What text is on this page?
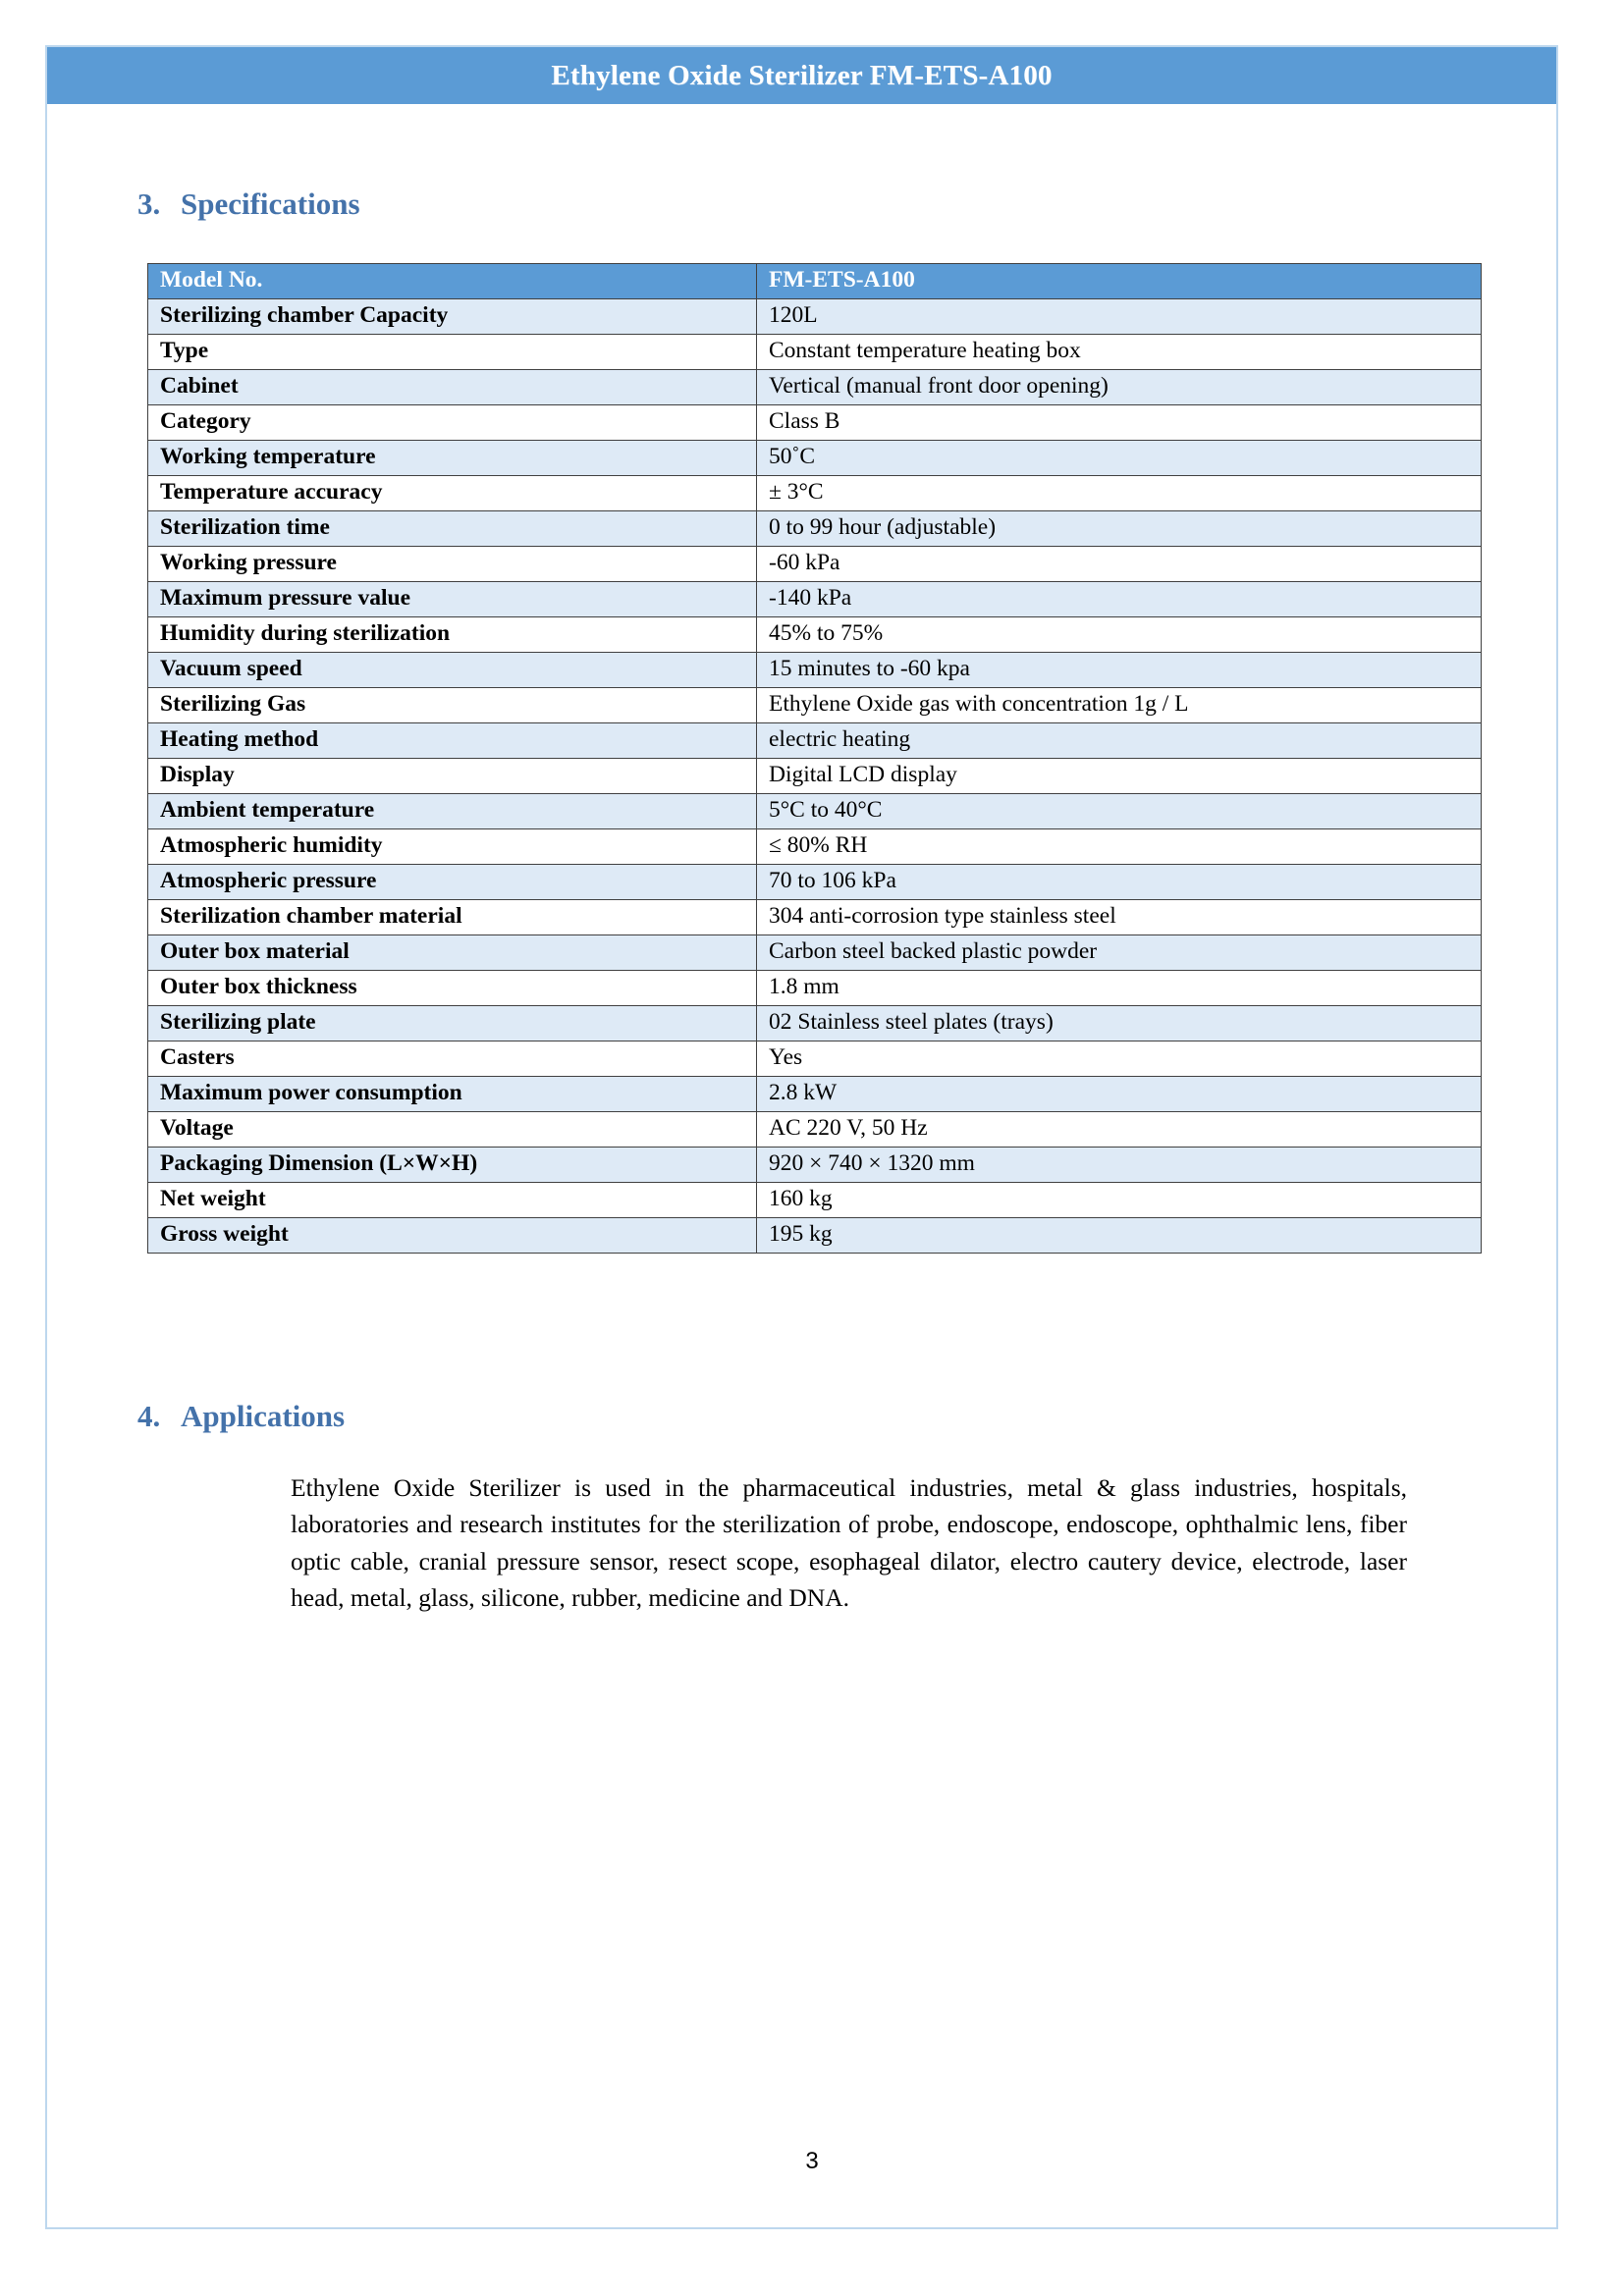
Ethylene Oxide Sterilizer FM-ETS-A100
3. Specifications
Model No.	FM-ETS-A100
Sterilizing chamber Capacity	120L
Type	Constant temperature heating box
Cabinet	Vertical (manual front door opening)
Category	Class B
Working temperature	50˚C
Temperature accuracy	± 3°C
Sterilization time	0 to 99 hour (adjustable)
Working pressure	-60 kPa
Maximum pressure value	-140 kPa
Humidity during sterilization	45% to 75%
Vacuum speed	15 minutes to -60 kpa
Sterilizing Gas	Ethylene Oxide gas with concentration 1g / L
Heating method	electric heating
Display	Digital LCD display
Ambient temperature	5°C to 40°C
Atmospheric humidity	≤ 80% RH
Atmospheric pressure	70 to 106 kPa
Sterilization chamber material	304 anti-corrosion type stainless steel
Outer box material	Carbon steel backed plastic powder
Outer box thickness	1.8 mm
Sterilizing plate	02 Stainless steel plates (trays)
Casters	Yes
Maximum power consumption	2.8 kW
Voltage	AC 220 V, 50 Hz
Packaging Dimension (L×W×H)	920 × 740 × 1320 mm
Net weight	160 kg
Gross weight	195 kg
4. Applications

Ethylene Oxide Sterilizer is used in the pharmaceutical industries, metal & glass industries, hospitals, laboratories and research institutes for the sterilization of probe, endoscope, endoscope, ophthalmic lens, fiber optic cable, cranial pressure sensor, resect scope, esophageal dilator, electro cautery device, electrode, laser head, metal, glass, silicone, rubber, medicine and DNA.

3
